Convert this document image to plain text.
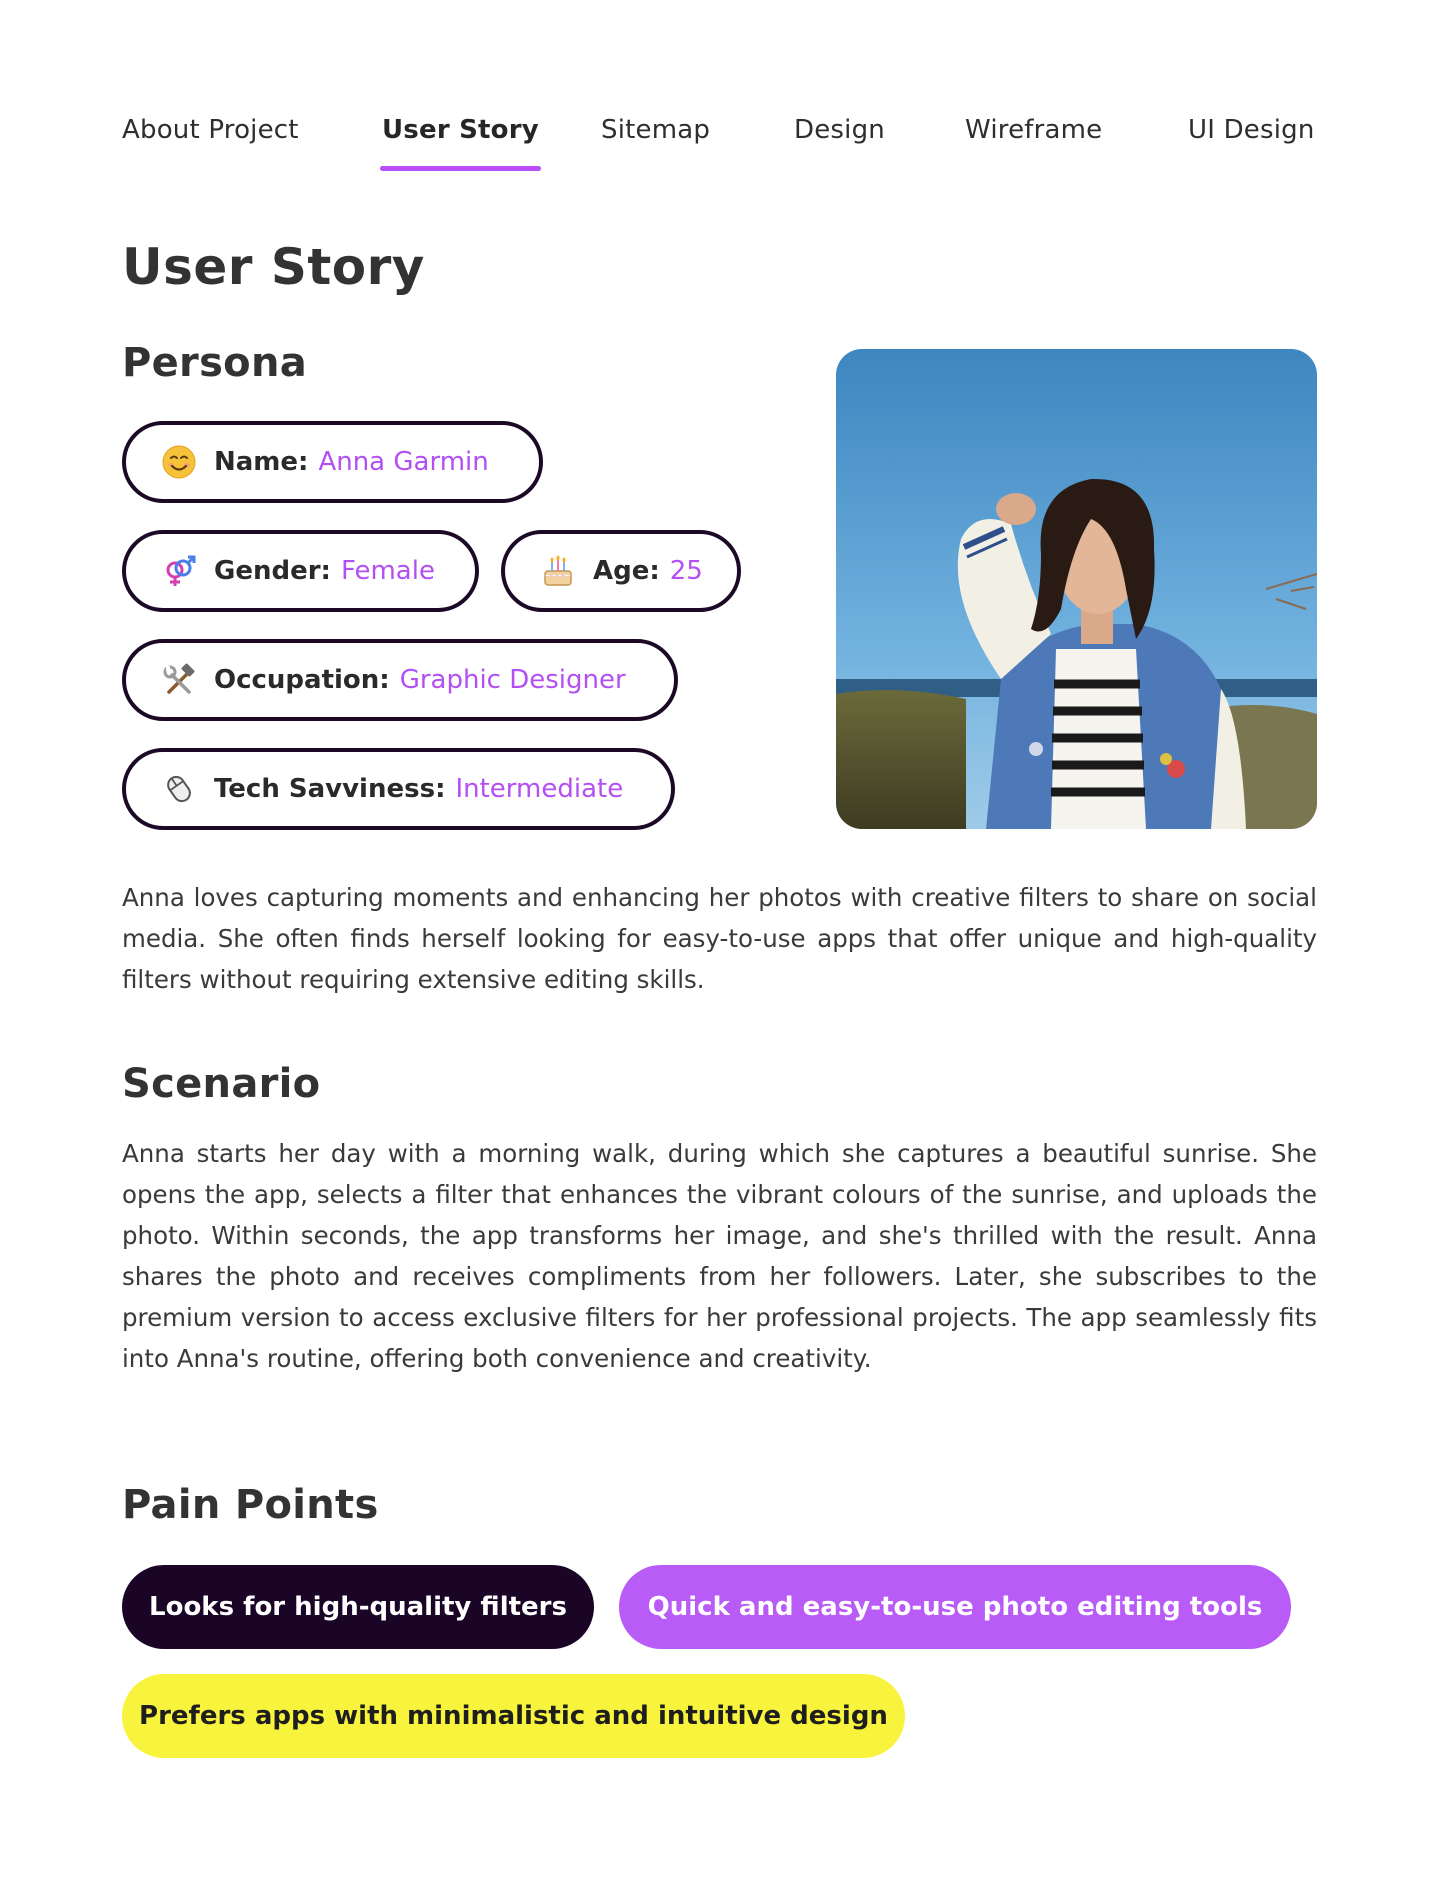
About Project	User Story Sitemap	Design	Wireframe	UI Design
User Story
Persona
Name: Anna Garmin
Gender: Female	Age: 25
Occupation: Graphic Designer
Tech Savviness: Intermediate

Anna loves capturing moments and enhancing her photos with creative filters to share on social media. She often finds herself looking for easy-to-use apps that offer unique and high-quality filters without requiring extensive editing skills.

Scenario

Anna starts her day with a morning walk, during which she captures a beautiful sunrise. She opens the app, selects a filter that enhances the vibrant colours of the sunrise, and uploads the photo. Within seconds, the app transforms her image, and she's thrilled with the result. Anna shares the photo and receives compliments from her followers. Later, she subscribes to the premium version to access exclusive filters for her professional projects. The app seamlessly fits into Anna's routine, offering both convenience and creativity.

Pain Points
Looks for high-quality filters	Quick and easy-to-use photo editing tools
Prefers apps with minimalistic and intuitive design
